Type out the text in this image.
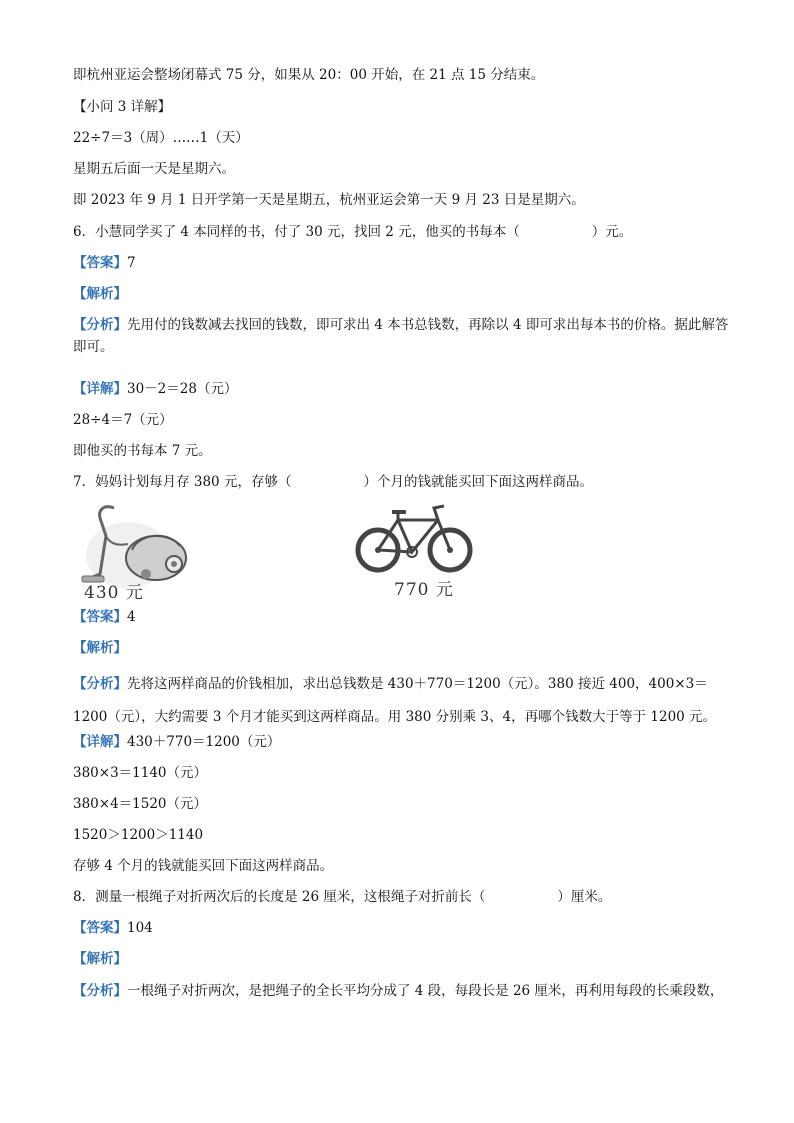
即杭州亚运会整场闭幕式 75 分，如果从 20：00 开始，在 21 点 15 分结束。
【小问 3 详解】
22÷7＝3（周）……1（天）
星期五后面一天是星期六。
即 2023 年 9 月 1 日开学第一天是星期五，杭州亚运会第一天 9 月 23 日是星期六。
6．小慧同学买了 4 本同样的书，付了 30 元，找回 2 元，他买的书每本（	）元。
【答案】7
【解析】
【分析】先用付的钱数减去找回的钱数，即可求出 4 本书总钱数，再除以 4 即可求出每本书的价格。据此解答即可。
【详解】30－2＝28（元）
28÷4＝7（元）
即他买的书每本 7 元。
7．妈妈计划每月存 380 元，存够（	）个月的钱就能买回下面这两样商品。
430 元	770 元
【答案】4
【解析】
【分析】先将这两样商品的价钱相加，求出总钱数是 430＋770＝1200（元）。380 接近 400，400×3＝1200（元），大约需要 3 个月才能买到这两样商品。用 380 分别乘 3、4，再哪个钱数大于等于 1200 元。
【详解】430＋770＝1200（元）
380×3＝1140（元）
380×4＝1520（元）
1520＞1200＞1140
存够 4 个月的钱就能买回下面这两样商品。
8．测量一根绳子对折两次后的长度是 26 厘米，这根绳子对折前长（	）厘米。
【答案】104
【解析】
【分析】一根绳子对折两次，是把绳子的全长平均分成了 4 段，每段长是 26 厘米，再利用每段的长乘段数，
